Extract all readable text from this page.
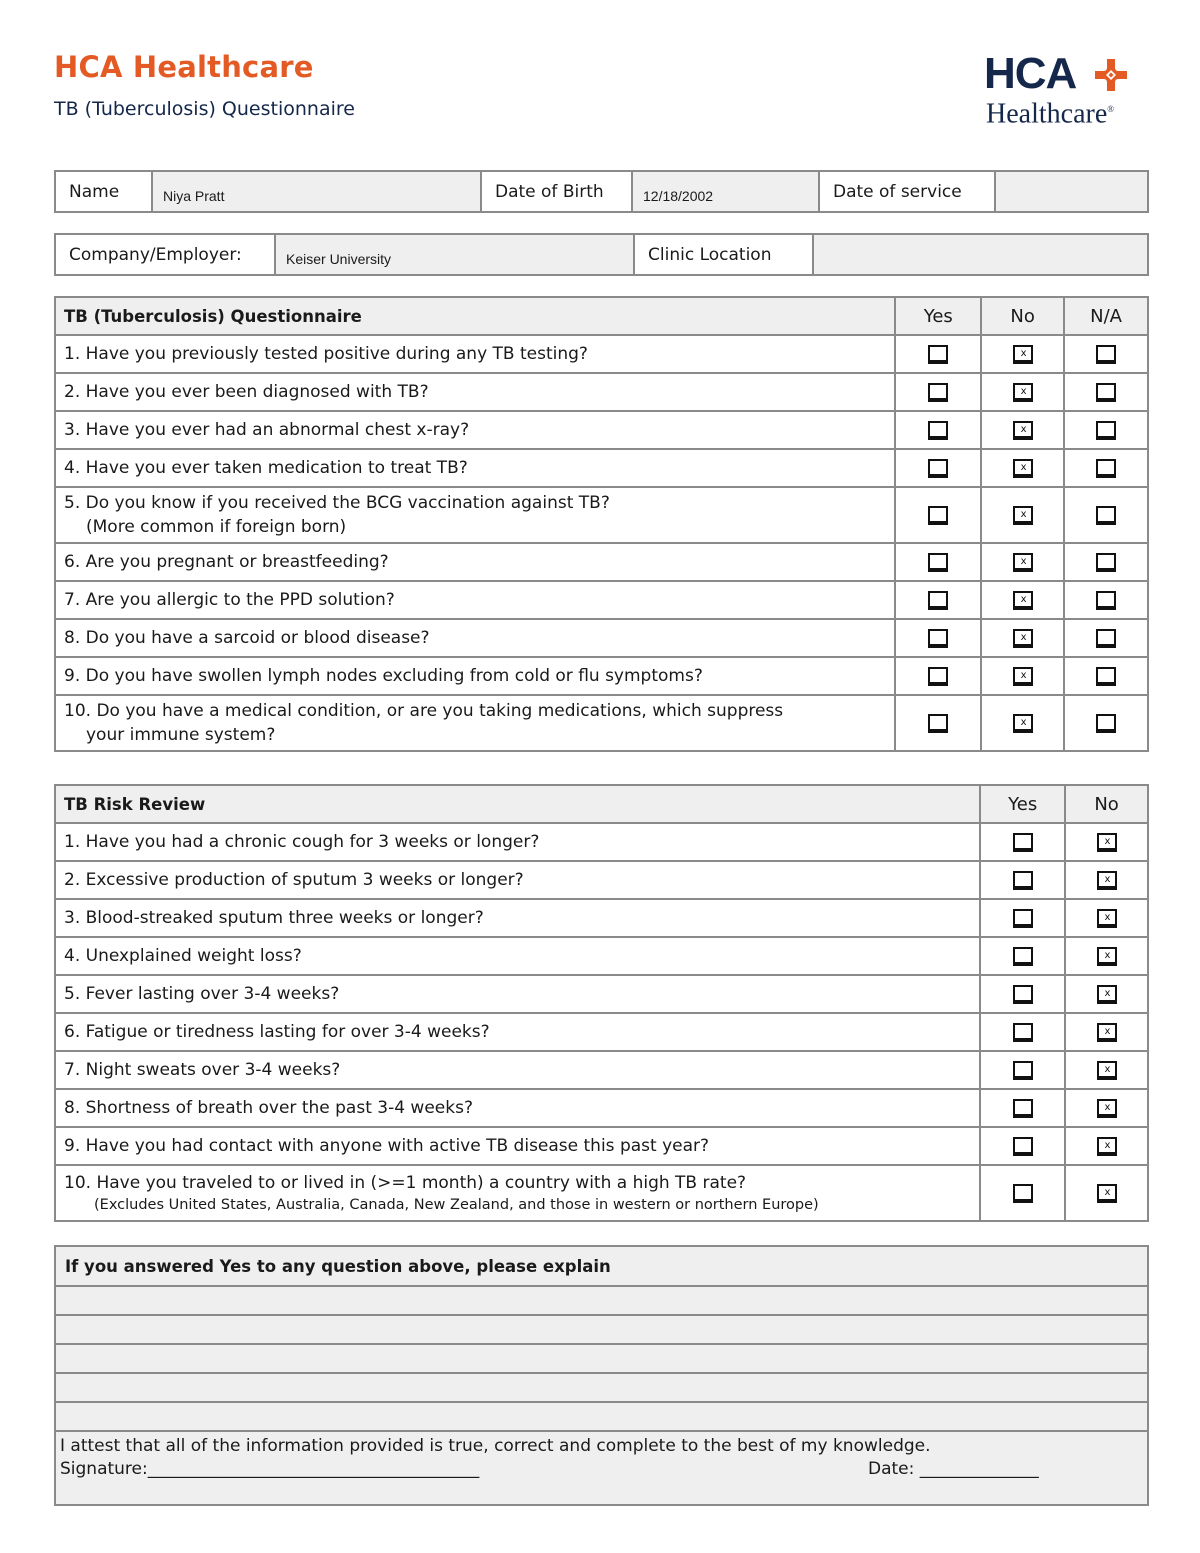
HCA Healthcare
TB (Tuberculosis) Questionnaire
HCA
Healthcare®
Name	Niya Pratt	Date of Birth	12/18/2002	Date of service
Company/Employer:	Keiser University	Clinic Location
TB (Tuberculosis) Questionnaire	Yes	No	N/A
1. Have you previously tested positive during any TB testing?		x	
2. Have you ever been diagnosed with TB?		x	
3. Have you ever had an abnormal chest x-ray?		x	
4. Have you ever taken medication to treat TB?		x	
5. Do you know if you received the BCG vaccination against TB?
(More common if foreign born)
		x	
6. Are you pregnant or breastfeeding?		x	
7. Are you allergic to the PPD solution?		x	
8. Do you have a sarcoid or blood disease?		x	
9. Do you have swollen lymph nodes excluding from cold or flu symptoms?		x	
10. Do you have a medical condition, or are you taking medications, which suppress
your immune system?
		x	
TB Risk Review	Yes	No
1. Have you had a chronic cough for 3 weeks or longer?		x
2. Excessive production of sputum 3 weeks or longer?		x
3. Blood-streaked sputum three weeks or longer?		x
4. Unexplained weight loss?		x
5. Fever lasting over 3-4 weeks?		x
6. Fatigue or tiredness lasting for over 3-4 weeks?		x
7. Night sweats over 3-4 weeks?		x
8. Shortness of breath over the past 3-4 weeks?		x
9. Have you had contact with anyone with active TB disease this past year?		x
10. Have you traveled to or lived in (>=1 month) a country with a high TB rate?
(Excludes United States, Australia, Canada, New Zealand, and those in western or northern Europe)
		x
If you answered Yes to any question above, please explain
I attest that all of the information provided is true, correct and complete to the best of my knowledge.
Signature:_______________________________________	Date: ______________
